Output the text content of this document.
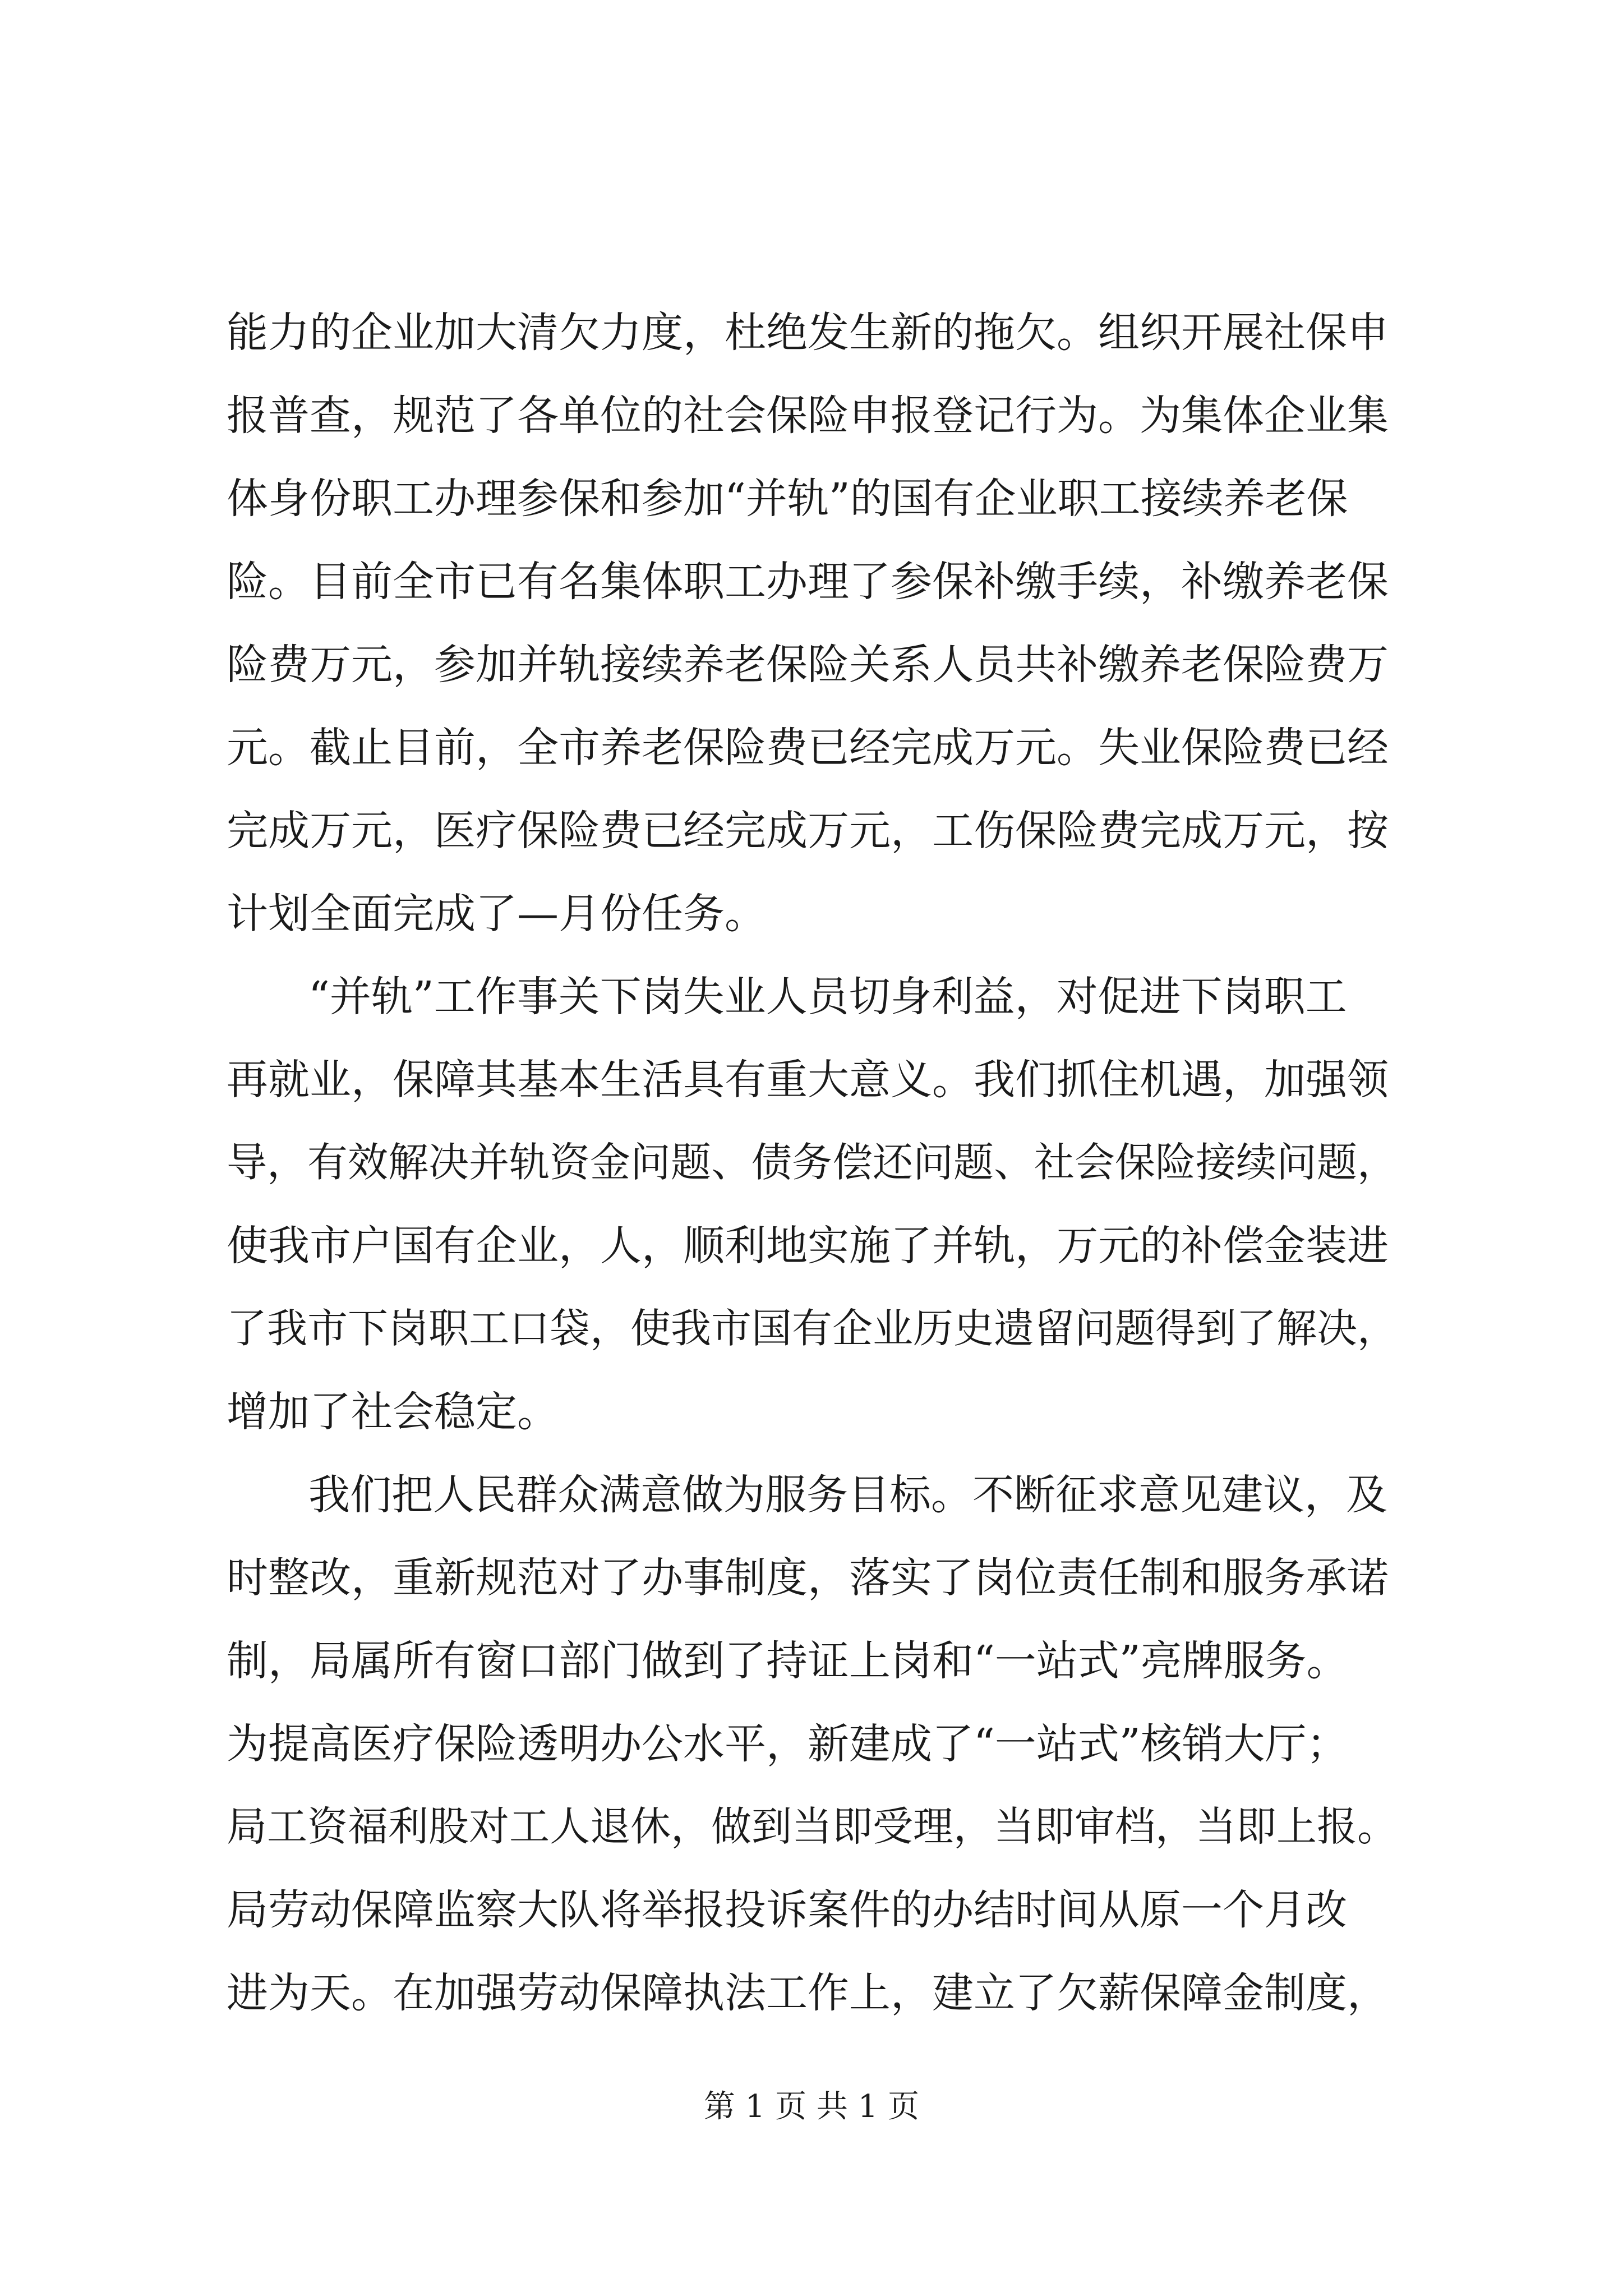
能力的企业加大清欠力度，杜绝发生新的拖欠。组织开展社保申
报普查，规范了各单位的社会保险申报登记行为。为集体企业集
体身份职工办理参保和参加“并轨”的国有企业职工接续养老保
险。目前全市已有名集体职工办理了参保补缴手续，补缴养老保
险费万元，参加并轨接续养老保险关系人员共补缴养老保险费万
元。截止目前，全市养老保险费已经完成万元。失业保险费已经
完成万元，医疗保险费已经完成万元，工伤保险费完成万元，按
计划全面完成了—月份任务。
“并轨”工作事关下岗失业人员切身利益，对促进下岗职工
再就业，保障其基本生活具有重大意义。我们抓住机遇，加强领
导，有效解决并轨资金问题、债务偿还问题、社会保险接续问题，
使我市户国有企业，人，顺利地实施了并轨，万元的补偿金装进
了我市下岗职工口袋，使我市国有企业历史遗留问题得到了解决，
增加了社会稳定。
我们把人民群众满意做为服务目标。不断征求意见建议，及
时整改，重新规范对了办事制度，落实了岗位责任制和服务承诺
制，局属所有窗口部门做到了持证上岗和“一站式”亮牌服务。
为提高医疗保险透明办公水平，新建成了“一站式”核销大厅；
局工资福利股对工人退休，做到当即受理，当即审档，当即上报。
局劳动保障监察大队将举报投诉案件的办结时间从原一个月改
进为天。在加强劳动保障执法工作上，建立了欠薪保障金制度，
第 1 页 共 1 页
